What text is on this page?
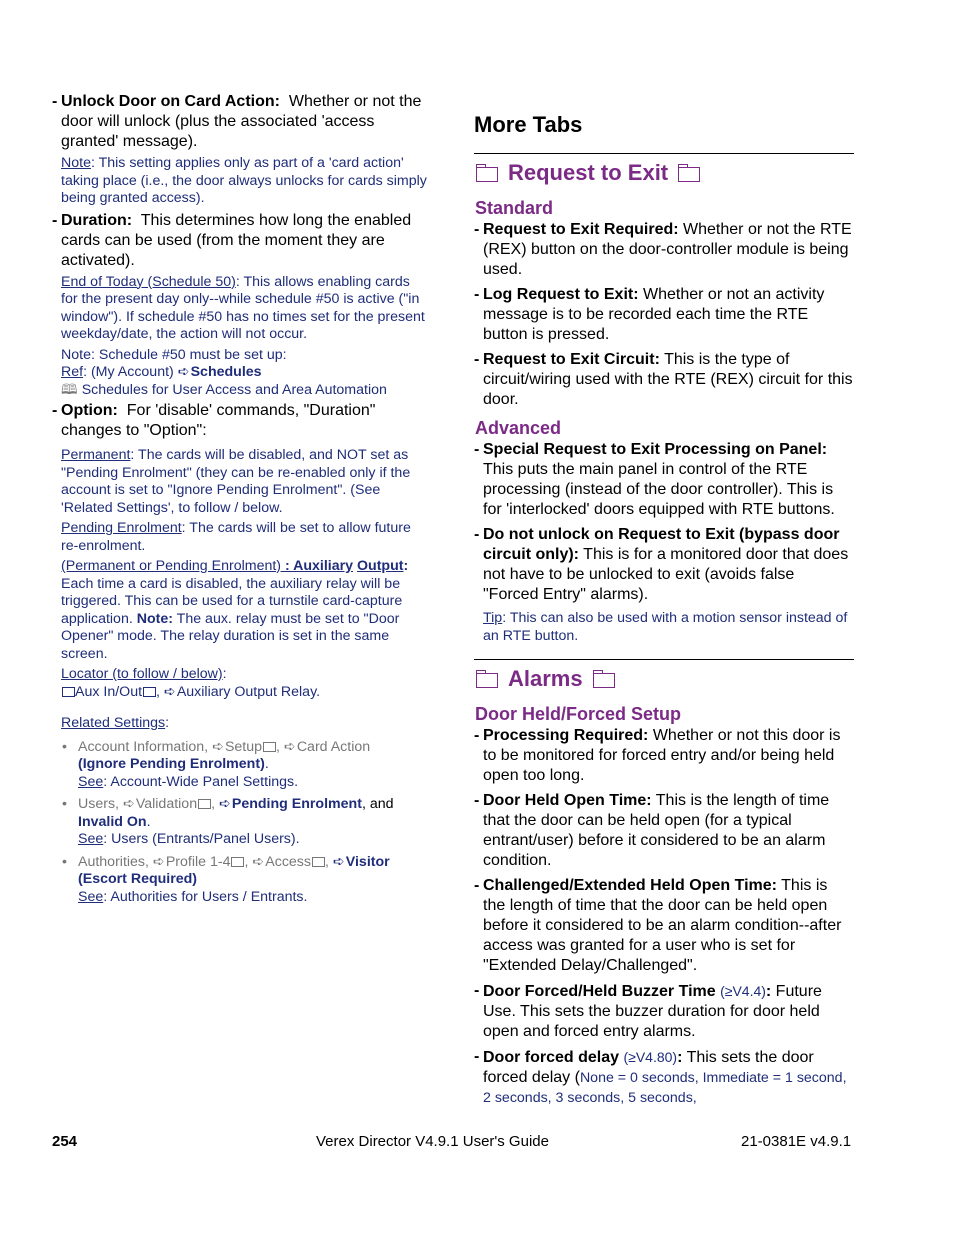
- Unlock Door on Card Action: Whether or not the door will unlock (plus the associated 'access granted' message).
Note: This setting applies only as part of a 'card action' taking place (i.e., the door always unlocks for cards simply being granted access).
- Duration: This determines how long the enabled cards can be used (from the moment they are activated).
End of Today (Schedule 50): This allows enabling cards for the present day only--while schedule #50 is active ("in window"). If schedule #50 has no times set for the present weekday/date, the action will not occur.
Note: Schedule #50 must be set up:
Ref: (My Account) ➪Schedules
🕮 Schedules for User Access and Area Automation
- Option: For 'disable' commands, "Duration" changes to "Option":
Permanent: The cards will be disabled, and NOT set as "Pending Enrolment" (they can be re-enabled only if the account is set to "Ignore Pending Enrolment". (See 'Related Settings', to follow / below.
Pending Enrolment: The cards will be set to allow future re-enrolment.
(Permanent or Pending Enrolment) : Auxiliary Output: Each time a card is disabled, the auxiliary relay will be triggered. This can be used for a turnstile card-capture application. Note: The aux. relay must be set to "Door Opener" mode. The relay duration is set in the same screen.
Locator (to follow / below):
Aux In/Out , ➪Auxiliary Output Relay.
Related Settings:
• Account Information, ➪Setup , ➪Card Action
(Ignore Pending Enrolment).
See: Account-Wide Panel Settings.
• Users, ➪Validation , ➪Pending Enrolment, and
Invalid On.
See: Users (Entrants/Panel Users).
• Authorities, ➪Profile 1-4 , ➪Access , ➪Visitor
(Escort Required)
See: Authorities for Users / Entrants.
More Tabs
Request to Exit
Standard
- Request to Exit Required: Whether or not the RTE (REX) button on the door-controller module is being used.
- Log Request to Exit: Whether or not an activity message is to be recorded each time the RTE button is pressed.
- Request to Exit Circuit: This is the type of circuit/wiring used with the RTE (REX) circuit for this door.
Advanced
- Special Request to Exit Processing on Panel: This puts the main panel in control of the RTE processing (instead of the door controller). This is for 'interlocked' doors equipped with RTE buttons.
- Do not unlock on Request to Exit (bypass door circuit only): This is for a monitored door that does not have to be unlocked to exit (avoids false "Forced Entry" alarms).
Tip: This can also be used with a motion sensor instead of an RTE button.
Alarms
Door Held/Forced Setup
- Processing Required: Whether or not this door is to be monitored for forced entry and/or being held open too long.
- Door Held Open Time: This is the length of time that the door can be held open (for a typical entrant/user) before it considered to be an alarm condition.
- Challenged/Extended Held Open Time: This is the length of time that the door can be held open before it considered to be an alarm condition--after access was granted for a user who is set for "Extended Delay/Challenged".
- Door Forced/Held Buzzer Time (≥V4.4): Future Use. This sets the buzzer duration for door held open and forced entry alarms.
- Door forced delay (≥V4.80): This sets the door forced delay (None = 0 seconds, Immediate = 1 second, 2 seconds, 3 seconds, 5 seconds,
254	Verex Director V4.9.1 User's Guide	21-0381E v4.9.1
